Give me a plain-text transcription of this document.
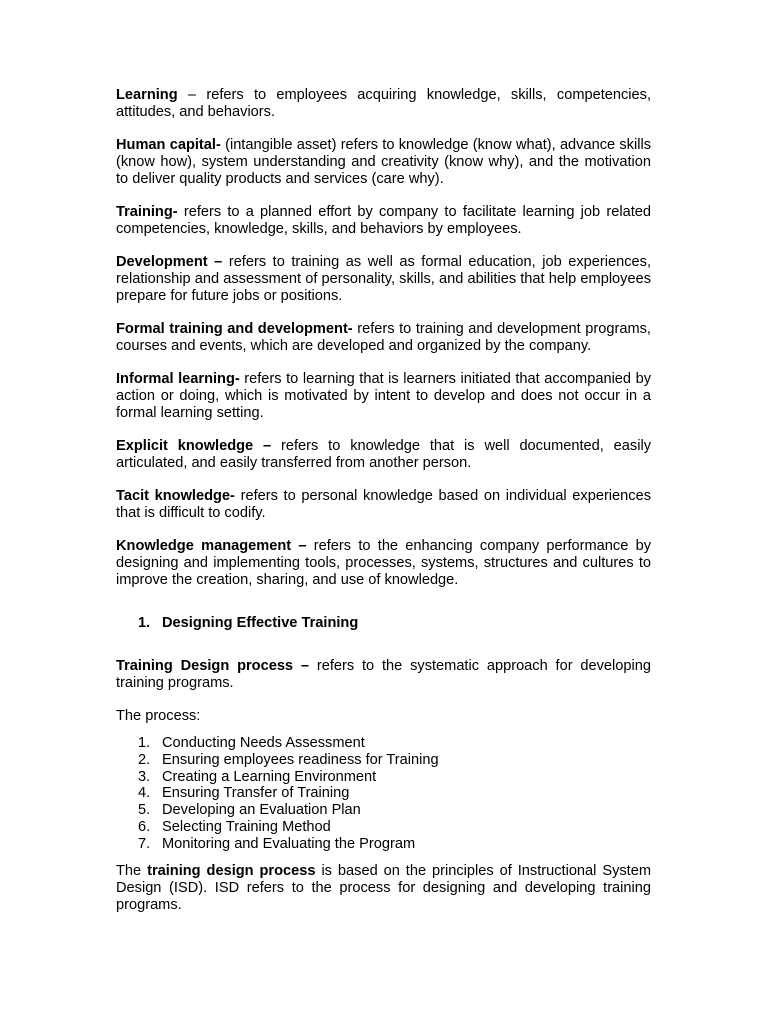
Learning – refers to employees acquiring knowledge, skills, competencies, attitudes, and behaviors.

Human capital- (intangible asset) refers to knowledge (know what), advance skills (know how), system understanding and creativity (know why), and the motivation to deliver quality products and services (care why).

Training- refers to a planned effort by company to facilitate learning job related competencies, knowledge, skills, and behaviors by employees.

Development – refers to training as well as formal education, job experiences, relationship and assessment of personality, skills, and abilities that help employees prepare for future jobs or positions.

Formal training and development- refers to training and development programs, courses and events, which are developed and organized by the company.

Informal learning- refers to learning that is learners initiated that accompanied by action or doing, which is motivated by intent to develop and does not occur in a formal learning setting.

Explicit knowledge – refers to knowledge that is well documented, easily articulated, and easily transferred from another person.

Tacit knowledge- refers to personal knowledge based on individual experiences that is difficult to codify.

Knowledge management – refers to the enhancing company performance by designing and implementing tools, processes, systems, structures and cultures to improve the creation, sharing, and use of knowledge.

1. Designing Effective Training

Training Design process – refers to the systematic approach for developing training programs.

The process:

1. Conducting Needs Assessment
2. Ensuring employees readiness for Training
3. Creating a Learning Environment
4. Ensuring Transfer of Training
5. Developing an Evaluation Plan
6. Selecting Training Method
7. Monitoring and Evaluating the Program

The training design process is based on the principles of Instructional System Design (ISD). ISD refers to the process for designing and developing training programs.
